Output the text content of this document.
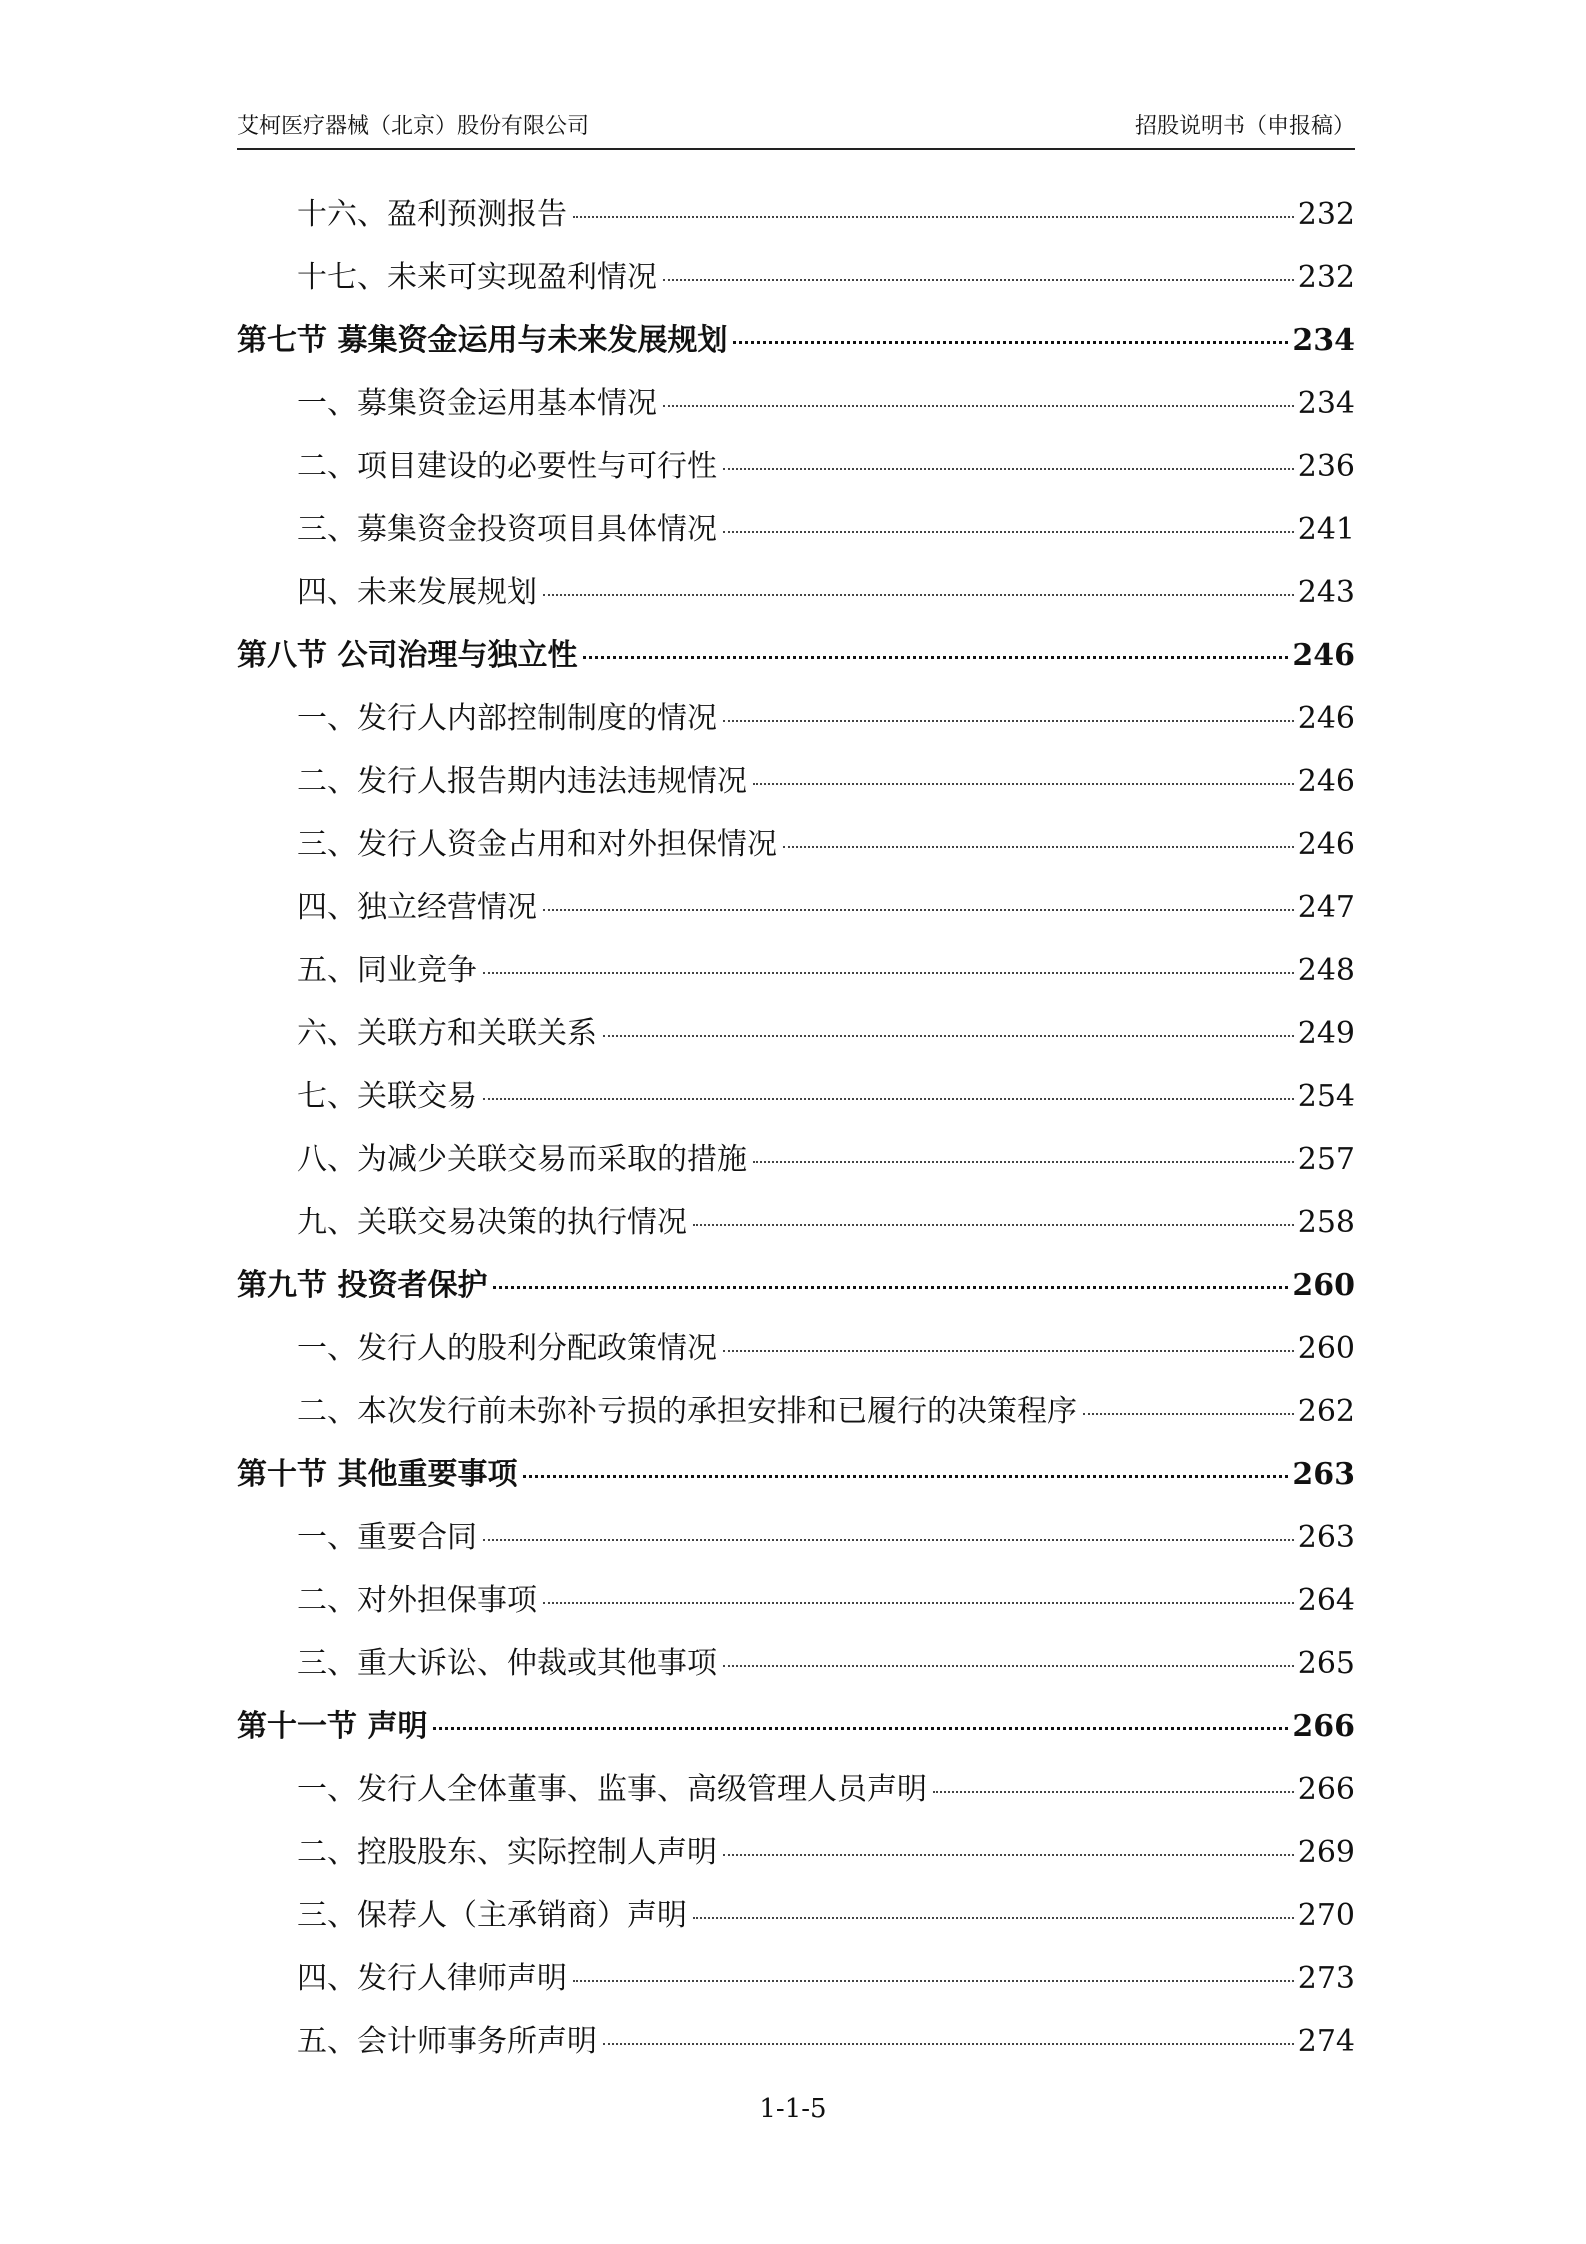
艾柯医疗器械（北京）股份有限公司	招股说明书（申报稿）
十六、盈利预测报告	232
十七、未来可实现盈利情况	232
第七节 募集资金运用与未来发展规划	234
一、募集资金运用基本情况	234
二、项目建设的必要性与可行性	236
三、募集资金投资项目具体情况	241
四、未来发展规划	243
第八节 公司治理与独立性	246
一、发行人内部控制制度的情况	246
二、发行人报告期内违法违规情况	246
三、发行人资金占用和对外担保情况	246
四、独立经营情况	247
五、同业竞争	248
六、关联方和关联关系	249
七、关联交易	254
八、为减少关联交易而采取的措施	257
九、关联交易决策的执行情况	258
第九节 投资者保护	260
一、发行人的股利分配政策情况	260
二、本次发行前未弥补亏损的承担安排和已履行的决策程序	262
第十节 其他重要事项	263
一、重要合同	263
二、对外担保事项	264
三、重大诉讼、仲裁或其他事项	265
第十一节 声明	266
一、发行人全体董事、监事、高级管理人员声明	266
二、控股股东、实际控制人声明	269
三、保荐人（主承销商）声明	270
四、发行人律师声明	273
五、会计师事务所声明	274
1-1-5
